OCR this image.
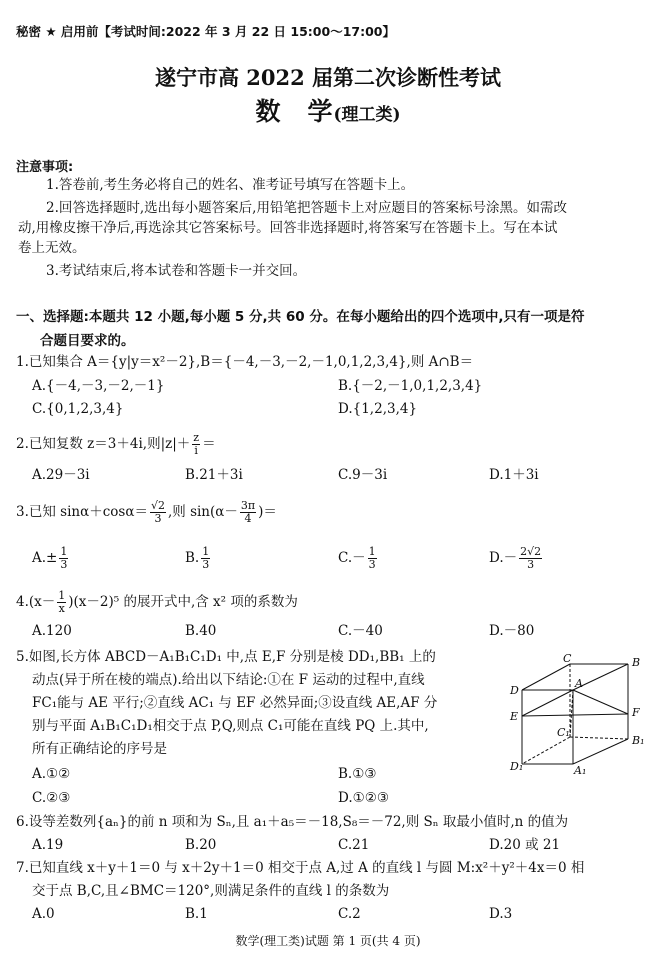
秘密 ★ 启用前【考试时间:2022 年 3 月 22 日 15:00～17:00】
遂宁市高 2022 届第二次诊断性考试
数　学(理工类)
注意事项:
1.答卷前,考生务必将自己的姓名、准考证号填写在答题卡上。
2.回答选择题时,选出每小题答案后,用铅笔把答题卡上对应题目的答案标号涂黑。如需改
动,用橡皮擦干净后,再选涂其它答案标号。回答非选择题时,将答案写在答题卡上。写在本试
卷上无效。
3.考试结束后,将本试卷和答题卡一并交回。
一、选择题:本题共 12 小题,每小题 5 分,共 60 分。在每小题给出的四个选项中,只有一项是符
合题目要求的。
1.已知集合 A＝{y|y＝x²－2},B＝{－4,－3,－2,－1,0,1,2,3,4},则 A∩B＝
A.{－4,－3,－2,－1}	B.{－2,－1,0,1,2,3,4}
C.{0,1,2,3,4}	D.{1,2,3,4}
2.已知复数 z＝3＋4i,则$|z|+ \frac{z}{i}$ ＝
A.29－3i	B.21＋3i	C.9－3i	D.1＋3i
3.已知 $\sin\alpha+\cos\alpha= \frac{√2}{3}$ ,则 $\sin(\alpha- \frac{3\pi}{4}$ )＝
$A.\pm \frac{1}{3}$	B. $\frac{1}{3}$	$C.- \frac{1}{3}$	$D.- \frac{2√2}{3}$
$4.(x- \frac{1}{x} )(x-2)^5$ 的展开式中,含 x² 项的系数为
A.120	B.40	C.－40	D.－80
5.如图,长方体 ABCD－A₁B₁C₁D₁ 中,点 E,F 分别是棱 DD₁,BB₁ 上的
动点(异于所在棱的端点).给出以下结论:①在 F 运动的过程中,直线
FC₁能与 AE 平行;②直线 AC₁ 与 EF 必然异面;③设直线 AE,AF 分
别与平面 A₁B₁C₁D₁相交于点 P,Q,则点 C₁可能在直线 PQ 上.其中,
所有正确结论的序号是
A.①②	B.①③
C.②③	D.①②③
C	B
D
A
E	F
C₁
B₁
D₁	A₁
6.设等差数列{aₙ}的前 n 项和为 Sₙ,且 a₁＋a₅＝－18,S₈＝－72,则 Sₙ 取最小值时,n 的值为
A.19	B.20	C.21	D.20 或 21
7.已知直线 x＋y＋1＝0 与 x＋2y＋1＝0 相交于点 A,过 A 的直线 l 与圆 M:x²＋y²＋4x＝0 相
交于点 B,C,且∠BMC＝120°,则满足条件的直线 l 的条数为
A.0	B.1	C.2	D.3
数学(理工类)试题 第 1 页(共 4 页)
